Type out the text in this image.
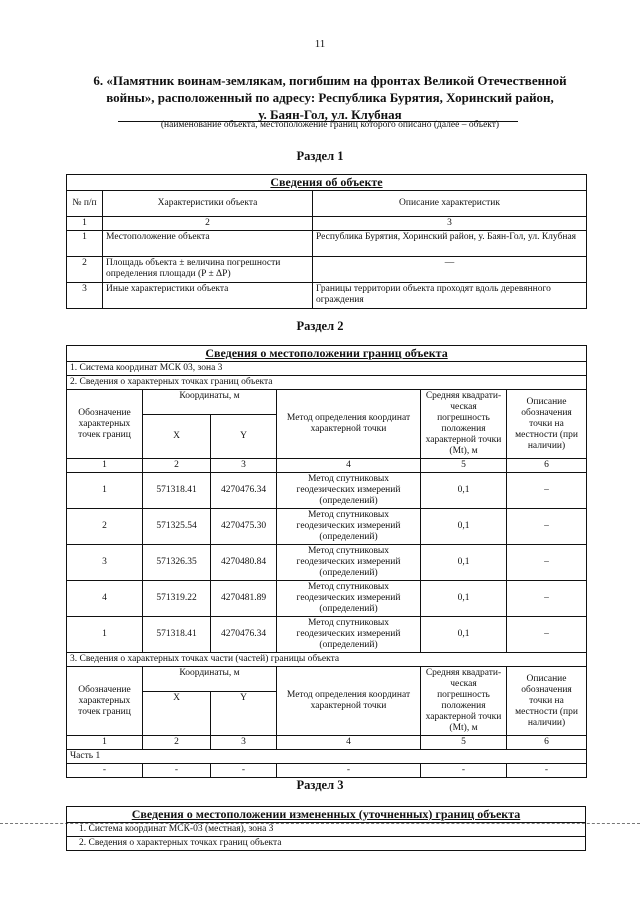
11
6. «Памятник воинам-землякам, погибшим на фронтах Великой Отечественной
войны», расположенный по адресу: Республика Бурятия, Хоринский район,
у. Баян-Гол, ул. Клубная
(наименование объекта, местоположение границ которого описано (далее – объект)
Раздел 1
Сведения об объекте		
№ п/п	Характеристики объекта	Описание характеристик
1	2	3
1	Местоположение объекта	Республика Бурятия, Хоринский район, у. Баян-Гол, ул. Клубная
2	Площадь объекта ± величина погрешности определения площади (P ± ΔP)	—
3	Иные характеристики объекта	Границы территории объекта проходят вдоль деревянного ограждения
Раздел 2
Сведения о местоположении границ объекта					
1. Система координат МСК 03, зона 3					
2. Сведения о характерных точках границ объекта					
Обозначение характерных точек границ	Координаты, м		Метод определения координат характерной точки	Средняя квадрати-ческая погрешность положения характерной точки (Mt), м	Описание обозначения точки на местности (при наличии)
	X	Y			
1	2	3	4	5	6
1	571318.41	4270476.34	Метод спутниковых геодезических измерений (определений)	0,1	–
2	571325.54	4270475.30	Метод спутниковых геодезических измерений (определений)	0,1	–
3	571326.35	4270480.84	Метод спутниковых геодезических измерений (определений)	0,1	–
4	571319.22	4270481.89	Метод спутниковых геодезических измерений (определений)	0,1	–
1	571318.41	4270476.34	Метод спутниковых геодезических измерений (определений)	0,1	–
3. Сведения о характерных точках части (частей) границы объекта					
Обозначение характерных точек границ	Координаты, м		Метод определения координат характерной точки	Средняя квадрати-ческая погрешность положения характерной точки (Mt), м	Описание обозначения точки на местности (при наличии)
	X	Y			
1	2	3	4	5	6
Часть 1					
-	-	-	-	-	-
Раздел 3
Сведения о местоположении измененных (уточненных) границ объекта
1. Система координат МСК-03 (местная), зона 3
2. Сведения о характерных точках границ объекта
